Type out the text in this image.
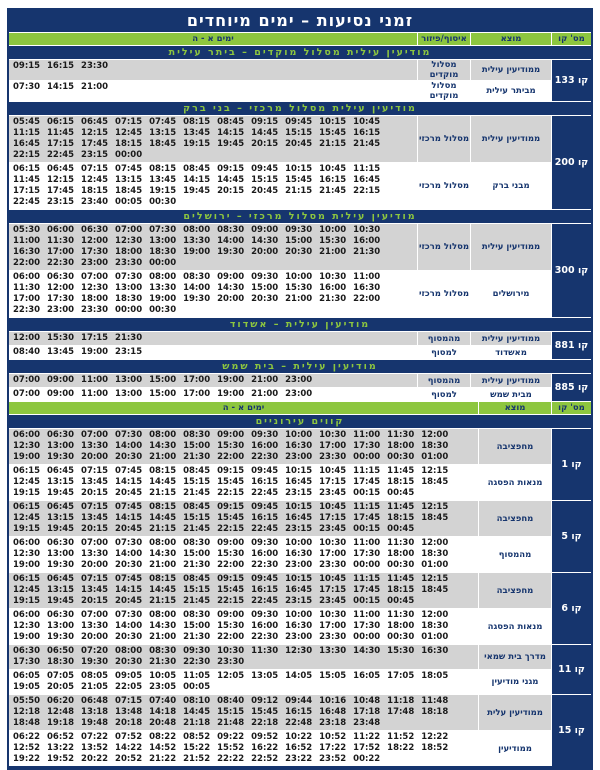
זמני נסיעות – ימים מיוחדים
מס' קו
מוצא
איסוף/פיזור
ימים א - ה
מודיעין עילית מסלול מוקדים – ביתר עילית
קו 133
ממודיעין עילית
מסלול מוקדים
09:15 16:15 23:30
מביתר עילית
מסלול מוקדים
07:30 14:15 21:00
מודיעין עילית מסלול מרכזי – בני ברק
קו 200
ממודיעין עילית
מסלול מרכזי
05:45 06:15 06:45 07:15 07:45 08:15 08:45 09:15 09:45 10:15 10:45 11:15 11:45 12:15 12:45 13:15 13:45 14:15 14:45 15:15 15:45 16:15 16:45 17:15 17:45 18:15 18:45 19:15 19:45 20:15 20:45 21:15 21:45 22:15 22:45 23:15 00:00
מבני ברק
מסלול מרכזי
06:15 06:45 07:15 07:45 08:15 08:45 09:15 09:45 10:15 10:45 11:15 11:45 12:15 12:45 13:15 13:45 14:15 14:45 15:15 15:45 16:15 16:45 17:15 17:45 18:15 18:45 19:15 19:45 20:15 20:45 21:15 21:45 22:15 22:45 23:15 23:40 00:05 00:30
מודיעין עילית מסלול מרכזי – ירושלים
קו 300
ממודיעין עילית
מסלול מרכזי
05:30 06:00 06:30 07:00 07:30 08:00 08:30 09:00 09:30 10:00 10:30 11:00 11:30 12:00 12:30 13:00 13:30 14:00 14:30 15:00 15:30 16:00 16:30 17:00 17:30 18:00 18:30 19:00 19:30 20:00 20:30 21:00 21:30 22:00 22:30 23:00 23:30 00:00
מירושלים
מסלול מרכזי
06:00 06:30 07:00 07:30 08:00 08:30 09:00 09:30 10:00 10:30 11:00 11:30 12:00 12:30 13:00 13:30 14:00 14:30 15:00 15:30 16:00 16:30 17:00 17:30 18:00 18:30 19:00 19:30 20:00 20:30 21:00 21:30 22:00 22:30 23:00 23:30 00:00 00:30
מודיעין עילית – אשדוד
קו 881
ממודיעין עילית
מהמסוף
12:00 15:30 17:15 21:30
מאשדוד
למסוף
08:40 13:45 19:00 23:15
מודיעין עילית – בית שמש
קו 885
ממודיעין עילית
מהמסוף
07:00 09:00 11:00 13:00 15:00 17:00 19:00 21:00 23:00
מבית שמש
למסוף
07:00 09:00 11:00 13:00 15:00 17:00 19:00 21:00 23:00
מס' קו
מוצא
ימים א - ה
קווים עירוניים
קו 1
מחפציבה
06:00 06:30 07:00 07:30 08:00 08:30 09:00 09:30 10:00 10:30 11:00 11:30 12:00 12:30 13:00 13:30 14:00 14:30 15:00 15:30 16:00 16:30 17:00 17:30 18:00 18:30 19:00 19:30 20:00 20:30 21:00 21:30 22:00 22:30 23:00 23:30 00:00 00:30 01:00
מנאות הפסגה
06:15 06:45 07:15 07:45 08:15 08:45 09:15 09:45 10:15 10:45 11:15 11:45 12:15 12:45 13:15 13:45 14:15 14:45 15:15 15:45 16:15 16:45 17:15 17:45 18:15 18:45 19:15 19:45 20:15 20:45 21:15 21:45 22:15 22:45 23:15 23:45 00:15 00:45
קו 5
מחפציבה
06:15 06:45 07:15 07:45 08:15 08:45 09:15 09:45 10:15 10:45 11:15 11:45 12:15 12:45 13:15 13:45 14:15 14:45 15:15 15:45 16:15 16:45 17:15 17:45 18:15 18:45 19:15 19:45 20:15 20:45 21:15 21:45 22:15 22:45 23:15 23:45 00:15 00:45
מהמסוף
06:00 06:30 07:00 07:30 08:00 08:30 09:00 09:30 10:00 10:30 11:00 11:30 12:00 12:30 13:00 13:30 14:00 14:30 15:00 15:30 16:00 16:30 17:00 17:30 18:00 18:30 19:00 19:30 20:00 20:30 21:00 21:30 22:00 22:30 23:00 23:30 00:00 00:30 01:00
קו 6
מחפציבה
06:15 06:45 07:15 07:45 08:15 08:45 09:15 09:45 10:15 10:45 11:15 11:45 12:15 12:45 13:15 13:45 14:15 14:45 15:15 15:45 16:15 16:45 17:15 17:45 18:15 18:45 19:15 19:45 20:15 20:45 21:15 21:45 22:15 22:45 23:15 23:45 00:15 00:45
מנאות הפסגה
06:00 06:30 07:00 07:30 08:00 08:30 09:00 09:30 10:00 10:30 11:00 11:30 12:00 12:30 13:00 13:30 14:00 14:30 15:00 15:30 16:00 16:30 17:00 17:30 18:00 18:30 19:00 19:30 20:00 20:30 21:00 21:30 22:00 22:30 23:00 23:30 00:00 00:30 01:00
קו 11
מדרך בית שמאי
06:30 06:50 07:20 08:00 08:30 09:30 10:30 11:30 12:30 13:30 14:30 15:30 16:30 17:30 18:30 19:30 20:30 21:30 22:30 23:30
מגני מודיעין
06:05 07:05 08:05 09:05 10:05 11:05 12:05 13:05 14:05 15:05 16:05 17:05 18:05 19:05 20:05 21:05 22:05 23:05 00:05
קו 15
ממודיעין עלית
05:50 06:20 06:48 07:15 07:40 08:10 08:40 09:12 09:44 10:16 10:48 11:18 11:48 12:18 12:48 13:18 13:48 14:18 14:45 15:15 15:45 16:15 16:48 17:18 17:48 18:18 18:48 19:18 19:48 20:18 20:48 21:18 21:48 22:18 22:48 23:18 23:48
ממודיעין
06:22 06:52 07:22 07:52 08:22 08:52 09:22 09:52 10:22 10:52 11:22 11:52 12:22 12:52 13:22 13:52 14:22 14:52 15:22 15:52 16:22 16:52 17:22 17:52 18:22 18:52 19:22 19:52 20:22 20:52 21:22 21:52 22:22 22:52 23:22 23:52 00:22
